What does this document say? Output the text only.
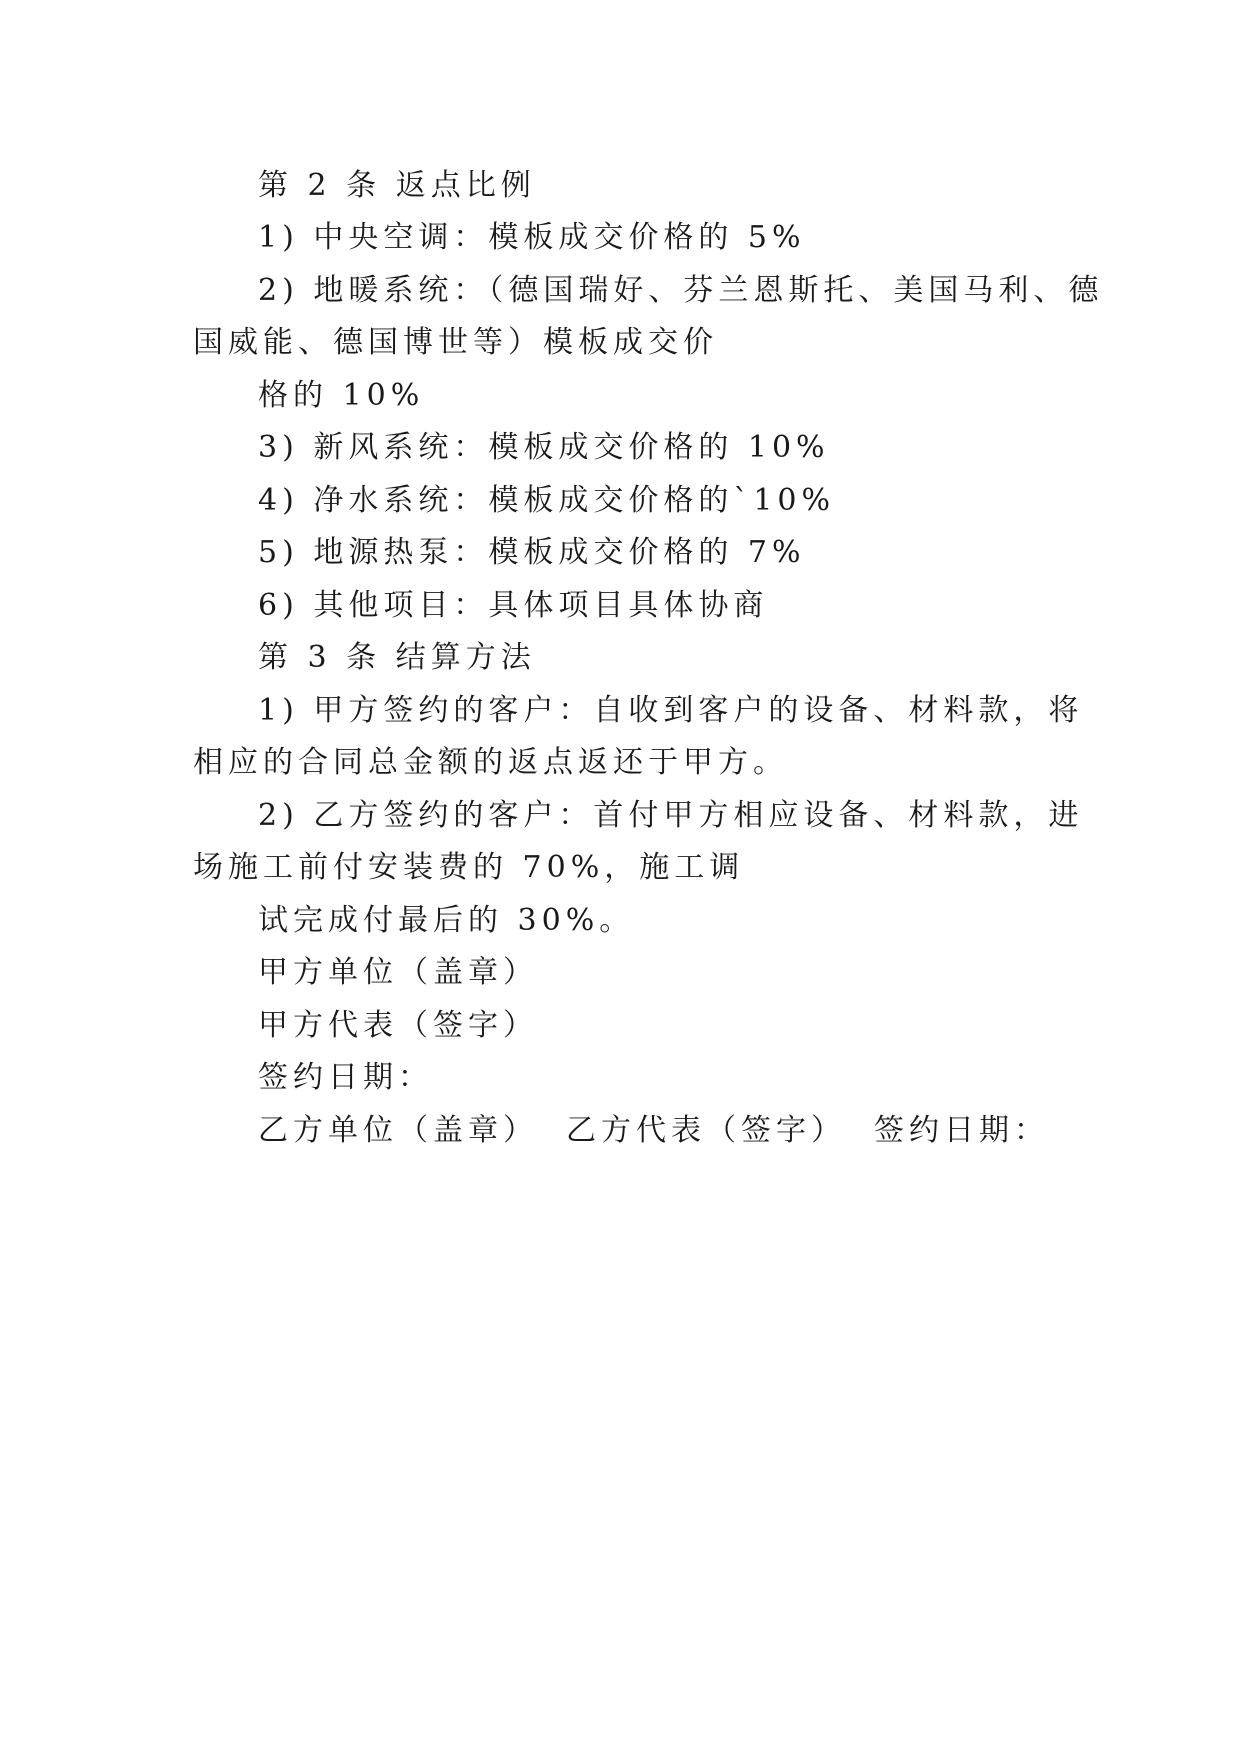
第 2 条 返点比例
1) 中央空调：模板成交价格的 5%
2) 地暖系统：（德国瑞好、芬兰恩斯托、美国马利、德
国威能、德国博世等）模板成交价
格的 10%
3) 新风系统：模板成交价格的 10%
4) 净水系统：模板成交价格的`10%
5) 地源热泵：模板成交价格的 7%
6) 其他项目：具体项目具体协商
第 3 条 结算方法
1) 甲方签约的客户：自收到客户的设备、材料款，将
相应的合同总金额的返点返还于甲方。
2) 乙方签约的客户：首付甲方相应设备、材料款，进
场施工前付安装费的 70%，施工调
试完成付最后的 30%。
甲方单位（盖章）
甲方代表（签字）
签约日期：
乙方单位（盖章） 乙方代表（签字） 签约日期：
